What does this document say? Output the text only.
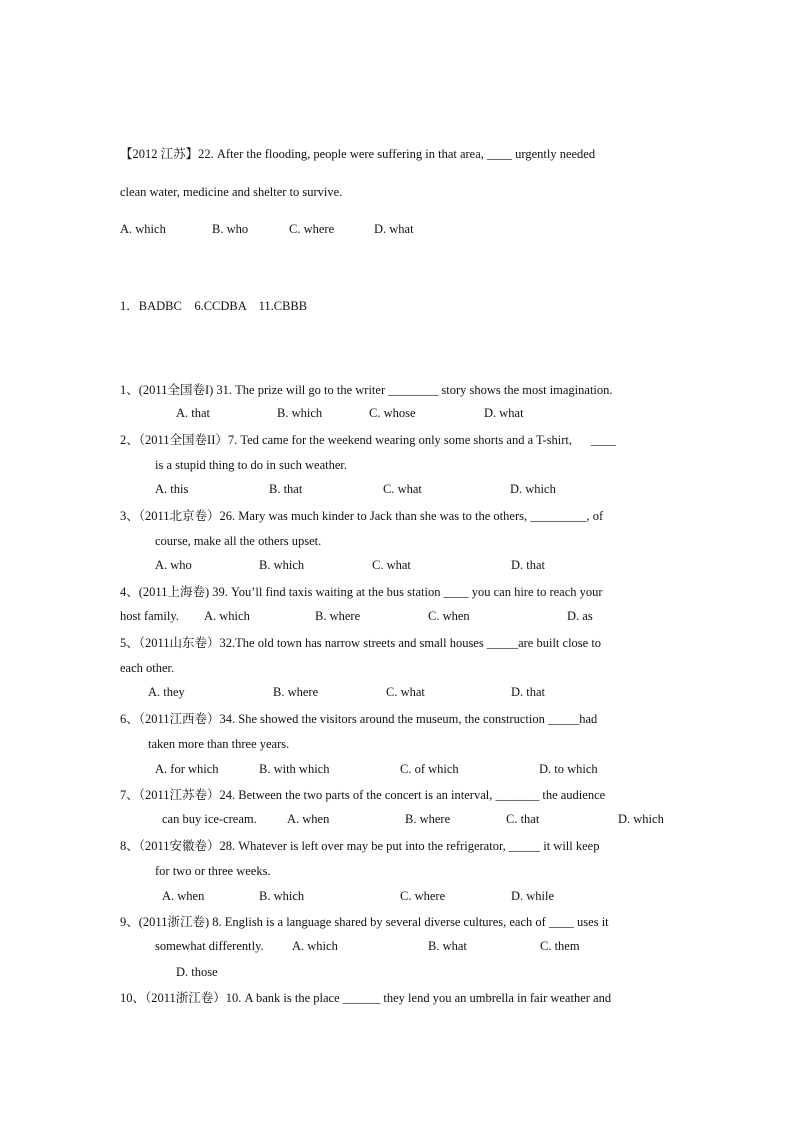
【2012 江苏】22. After the flooding, people were suffering in that area, ____ urgently needed
clean water, medicine and shelter to survive.
A. which	B. who	C. where	D. what
1．BADBC    6.CCDBA    11.CBBB
1、(2011全国卷I) 31. The prize will go to the writer ________ story shows the most imagination.
A. that	B. which	C. whose	D. what
2、（2011全国卷II）7. Ted came for the weekend wearing only some shorts and a T-shirt,      ____
is a stupid thing to do in such weather.
A. this	B. that	C. what	D. which
3、（2011北京卷）26. Mary was much kinder to Jack than she was to the others, _________, of
course, make all the others upset.
A. who	B. which	C. what	D. that
4、(2011上海卷) 39. You’ll find taxis waiting at the bus station ____ you can hire to reach your
host family. A. which	B. where	C. when	D. as
5、（2011山东卷）32.The old town has narrow streets and small houses _____are built close to
each other.
A. they	B. where	C. what	D. that
6、（2011江西卷）34. She showed the visitors around the museum, the construction _____had
taken more than three years.
A. for which	B. with which	C. of which	D. to which
7、（2011江苏卷）24. Between the two parts of the concert is an interval, _______ the audience
can buy ice-cream. A. when	B. where	C. that	D. which
8、（2011安徽卷）28. Whatever is left over may be put into the refrigerator, _____ it will keep
for two or three weeks.
A. when	B. which	C. where	D. while
9、(2011浙江卷) 8. English is a language shared by several diverse cultures, each of ____ uses it
somewhat differently. A. which	B. what	C. them
D. those
10、（2011浙江卷）10. A bank is the place ______ they lend you an umbrella in fair weather and
